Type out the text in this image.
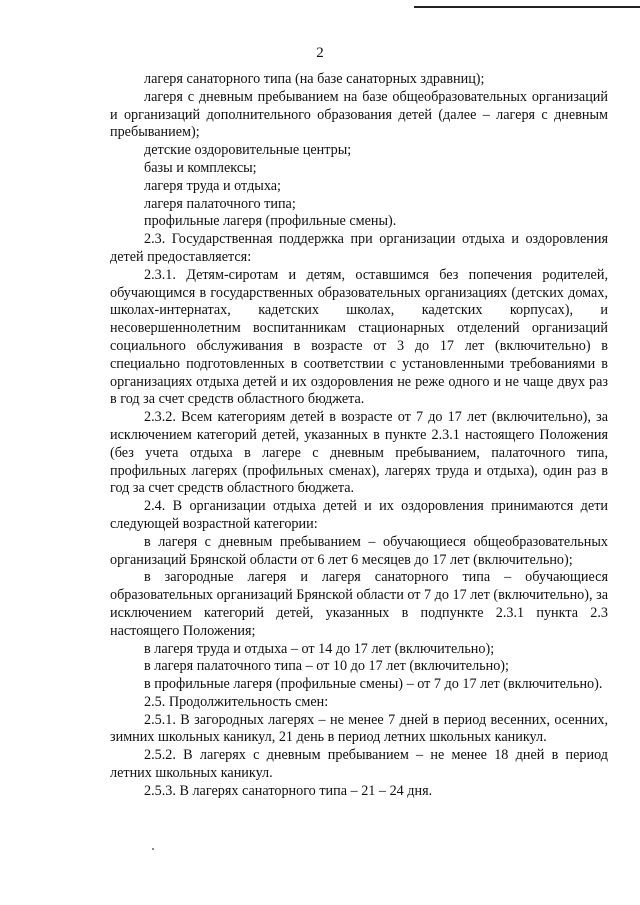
2

лагеря санаторного типа (на базе санаторных здравниц);

лагеря с дневным пребыванием на базе общеобразовательных организаций и организаций дополнительного образования детей (далее – лагеря с дневным пребыванием);

детские оздоровительные центры;

базы и комплексы;

лагеря труда и отдыха;

лагеря палаточного типа;

профильные лагеря (профильные смены).

2.3. Государственная поддержка при организации отдыха и оздоровления детей предоставляется:

2.3.1. Детям-сиротам и детям, оставшимся без попечения родителей, обучающимся в государственных образовательных организациях (детских домах, школах-интернатах, кадетских школах, кадетских корпусах), и несовершеннолетним воспитанникам стационарных отделений организаций социального обслуживания в возрасте от 3 до 17 лет (включительно) в специально подготовленных в соответствии с установленными требованиями в организациях отдыха детей и их оздоровления не реже одного и не чаще двух раз в год за счет средств областного бюджета.

2.3.2. Всем категориям детей в возрасте от 7 до 17 лет (включительно), за исключением категорий детей, указанных в пункте 2.3.1 настоящего Положения (без учета отдыха в лагере с дневным пребыванием, палаточного типа, профильных лагерях (профильных сменах), лагерях труда и отдыха), один раз в год за счет средств областного бюджета.

2.4. В организации отдыха детей и их оздоровления принимаются дети следующей возрастной категории:

в лагеря с дневным пребыванием – обучающиеся общеобразовательных организаций Брянской области от 6 лет 6 месяцев до 17 лет (включительно);

в загородные лагеря и лагеря санаторного типа – обучающиеся образовательных организаций Брянской области от 7 до 17 лет (включительно), за исключением категорий детей, указанных в подпункте 2.3.1 пункта 2.3 настоящего Положения;

в лагеря труда и отдыха – от 14 до 17 лет (включительно);

в лагеря палаточного типа – от 10 до 17 лет (включительно);

в профильные лагеря (профильные смены) – от 7 до 17 лет (включительно).

2.5. Продолжительность смен:

2.5.1. В загородных лагерях – не менее 7 дней в период весенних, осенних, зимних школьных каникул, 21 день в период летних школьных каникул.

2.5.2. В лагерях с дневным пребыванием – не менее 18 дней в период летних школьных каникул.

2.5.3. В лагерях санаторного типа – 21 – 24 дня.
